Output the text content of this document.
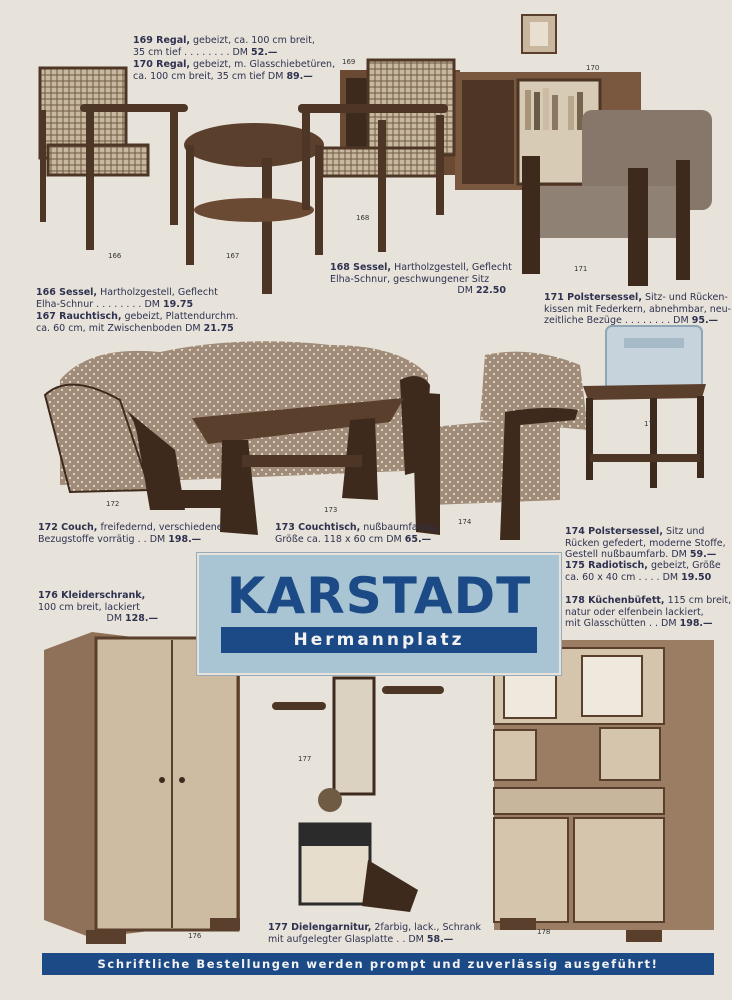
169
170
166	167
168
171
172
173
174
175
176
177
178
169 Regal, gebeizt, ca. 100 cm breit,
35 cm tief . . . . . . . . DM 52.—
170 Regal, gebeizt, m. Glasschiebetüren,
ca. 100 cm breit, 35 cm tief DM 89.—
166 Sessel, Hartholzgestell, Geflecht
Elha-Schnur . . . . . . . . DM 19.75
167 Rauchtisch, gebeizt, Plattendurchm.
ca. 60 cm, mit Zwischenboden DM 21.75
168 Sessel, Hartholzgestell, Geflecht
Elha-Schnur, geschwungener Sitz
DM 22.50
171 Polstersessel, Sitz- und Rücken-
kissen mit Federkern, abnehmbar, neu-
zeitliche Bezüge . . . . . . . . DM 95.—
172 Couch, freifedernd, verschiedene
Bezugstoffe vorrätig . . DM 198.—
173 Couchtisch, nußbaumfarbig,
Größe ca. 118 x 60 cm DM 65.—
174 Polstersessel, Sitz und
Rücken gefedert, moderne Stoffe,
Gestell nußbaumfarb. DM 59.—
175 Radiotisch, gebeizt, Größe
ca. 60 x 40 cm . . . . DM 19.50
178 Küchenbüfett, 115 cm breit,
natur oder elfenbein lackiert,
mit Glasschütten . . DM 198.—
176 Kleiderschrank,
100 cm breit, lackiert
DM 128.—
177 Dielengarnitur, 2farbig, lack., Schrank
mit aufgelegter Glasplatte . . DM 58.—
KARSTADT
Hermannplatz
Schriftliche Bestellungen werden prompt und zuverlässig ausgeführt!
